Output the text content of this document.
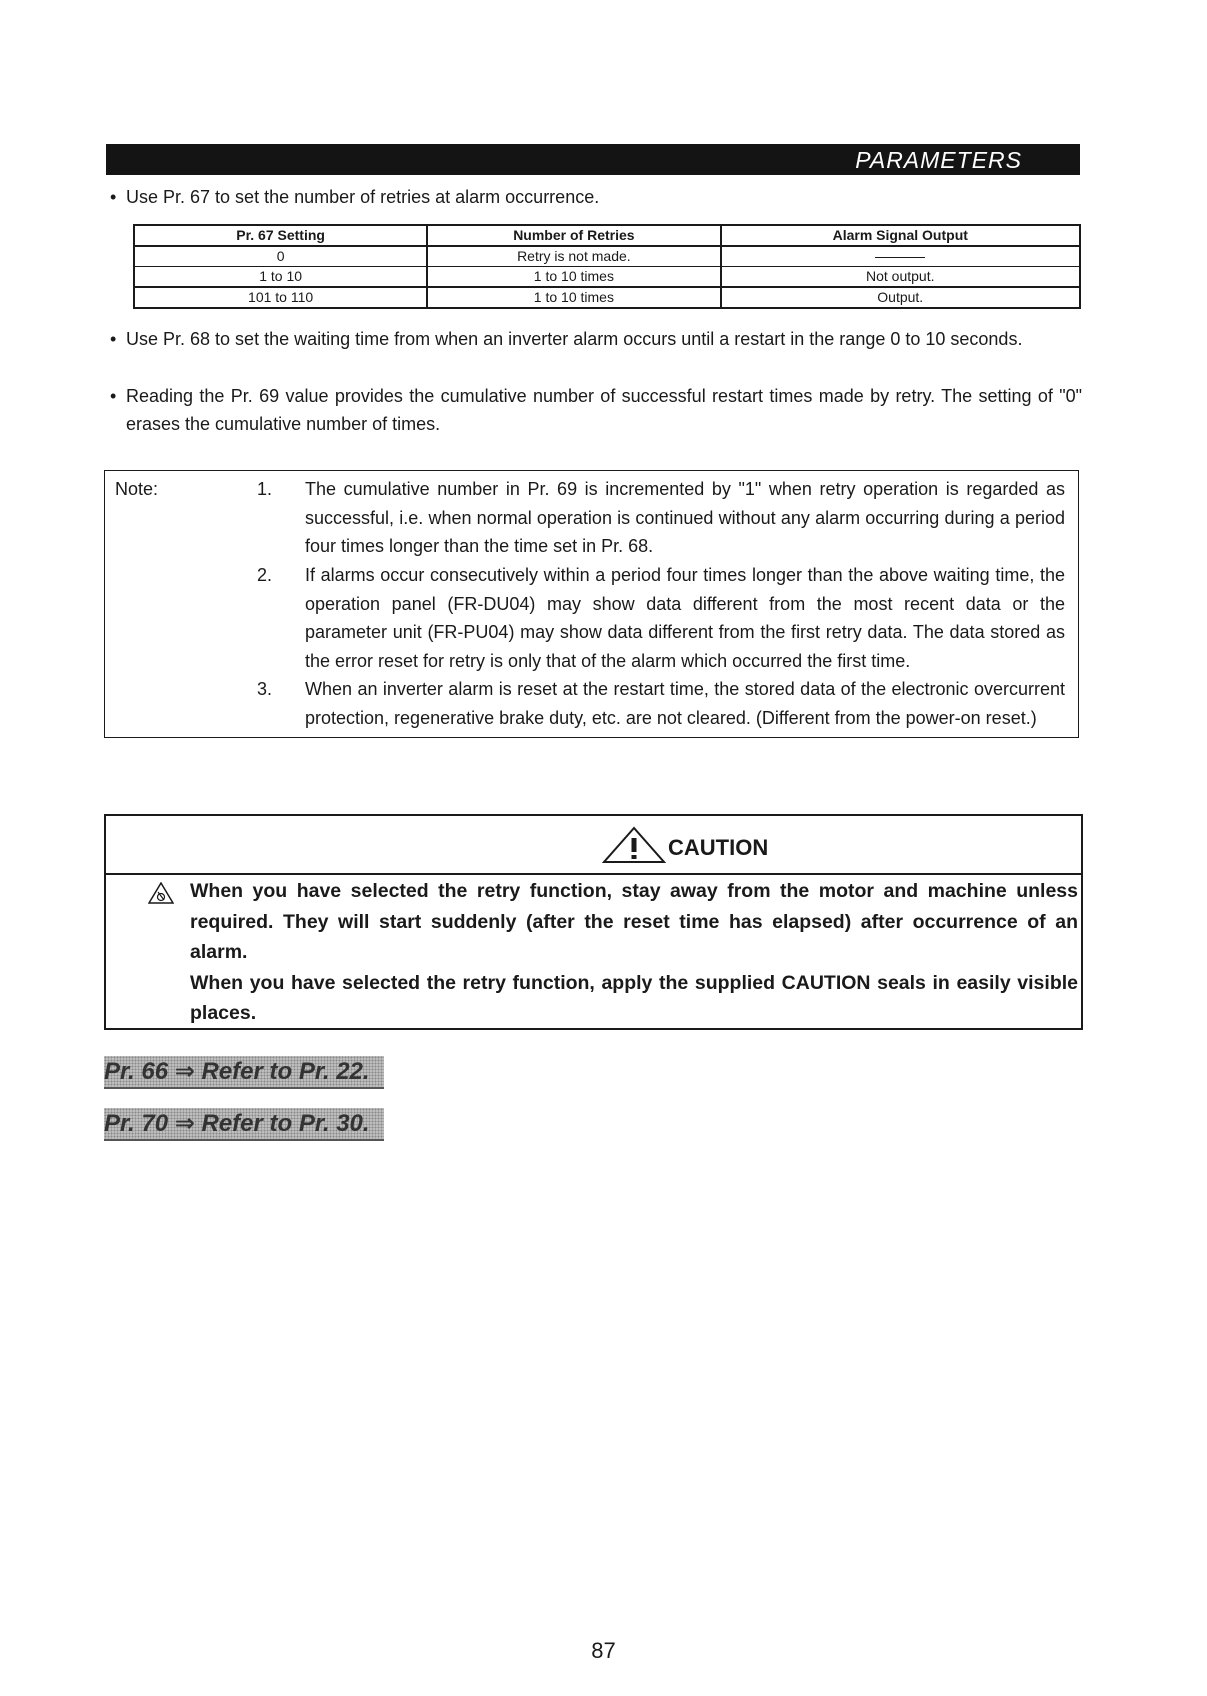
PARAMETERS
• Use Pr. 67 to set the number of retries at alarm occurrence.
Pr. 67 Setting	Number of Retries	Alarm Signal Output
0	Retry is not made.	
1 to 10	1 to 10 times	Not output.
101 to 110	1 to 10 times	Output.
• Use Pr. 68 to set the waiting time from when an inverter alarm occurs until a restart in the range 0 to 10 seconds.
• Reading the Pr. 69 value provides the cumulative number of successful restart times made by retry. The setting of "0" erases the cumulative number of times.
Note:	1. The cumulative number in Pr. 69 is incremented by "1" when retry operation is regarded as successful, i.e. when normal operation is continued without any alarm occurring during a period four times longer than the time set in Pr. 68.
2. If alarms occur consecutively within a period four times longer than the above waiting time, the operation panel (FR-DU04) may show data different from the most recent data or the parameter unit (FR-PU04) may show data different from the first retry data. The data stored as the error reset for retry is only that of the alarm which occurred the first time.
3. When an inverter alarm is reset at the restart time, the stored data of the electronic overcurrent protection, regenerative brake duty, etc. are not cleared. (Different from the power-on reset.)
CAUTION
When you have selected the retry function, stay away from the motor and machine unless required. They will start suddenly (after the reset time has elapsed) after occurrence of an alarm.
When you have selected the retry function, apply the supplied CAUTION seals in easily visible places.
Pr. 66 ⇒ Refer to Pr. 22.
Pr. 70 ⇒ Refer to Pr. 30.
87
